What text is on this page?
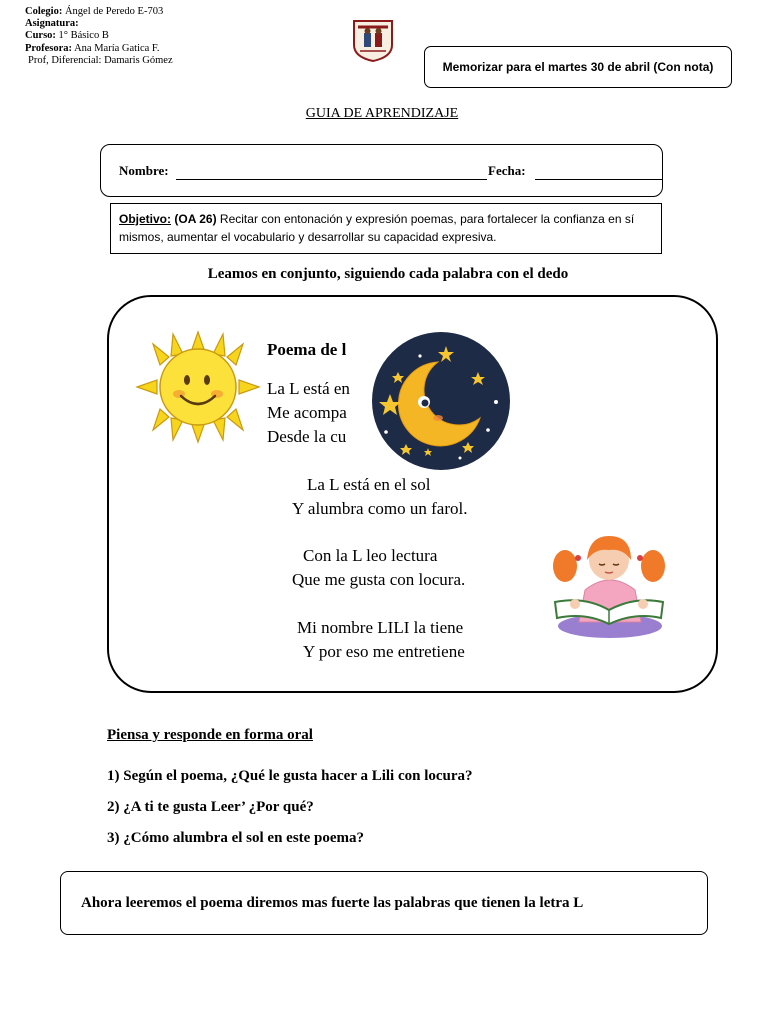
Colegio: Ángel de Peredo E-703
Asignatura:
Curso: 1° Básico B
Profesora: Ana María Gatica F.
Prof, Diferencial: Damaris Gómez	Memorizar para el martes 30 de abril (Con nota)
GUIA DE APRENDIZAJE
Nombre:	Fecha:
Objetivo: (OA 26) Recitar con entonación y expresión poemas, para fortalecer la confianza en sí mismos, aumentar el vocabulario y desarrollar su capacidad expresiva.
Leamos en conjunto, siguiendo cada palabra con el dedo
Poema de l
La L está en
Me acompa
Desde la cu
La L está en el sol
Y alumbra como un farol.
Con la L leo lectura
Que me gusta con locura.
Mi nombre LILI la tiene
Y por eso me entretiene
Piensa y responde en forma oral
1) Según el poema, ¿Qué le gusta hacer a Lili con locura?
2) ¿A ti te gusta Leer’ ¿Por qué?
3) ¿Cómo alumbra el sol en este poema?
Ahora leeremos el poema diremos mas fuerte las palabras que tienen la letra L
